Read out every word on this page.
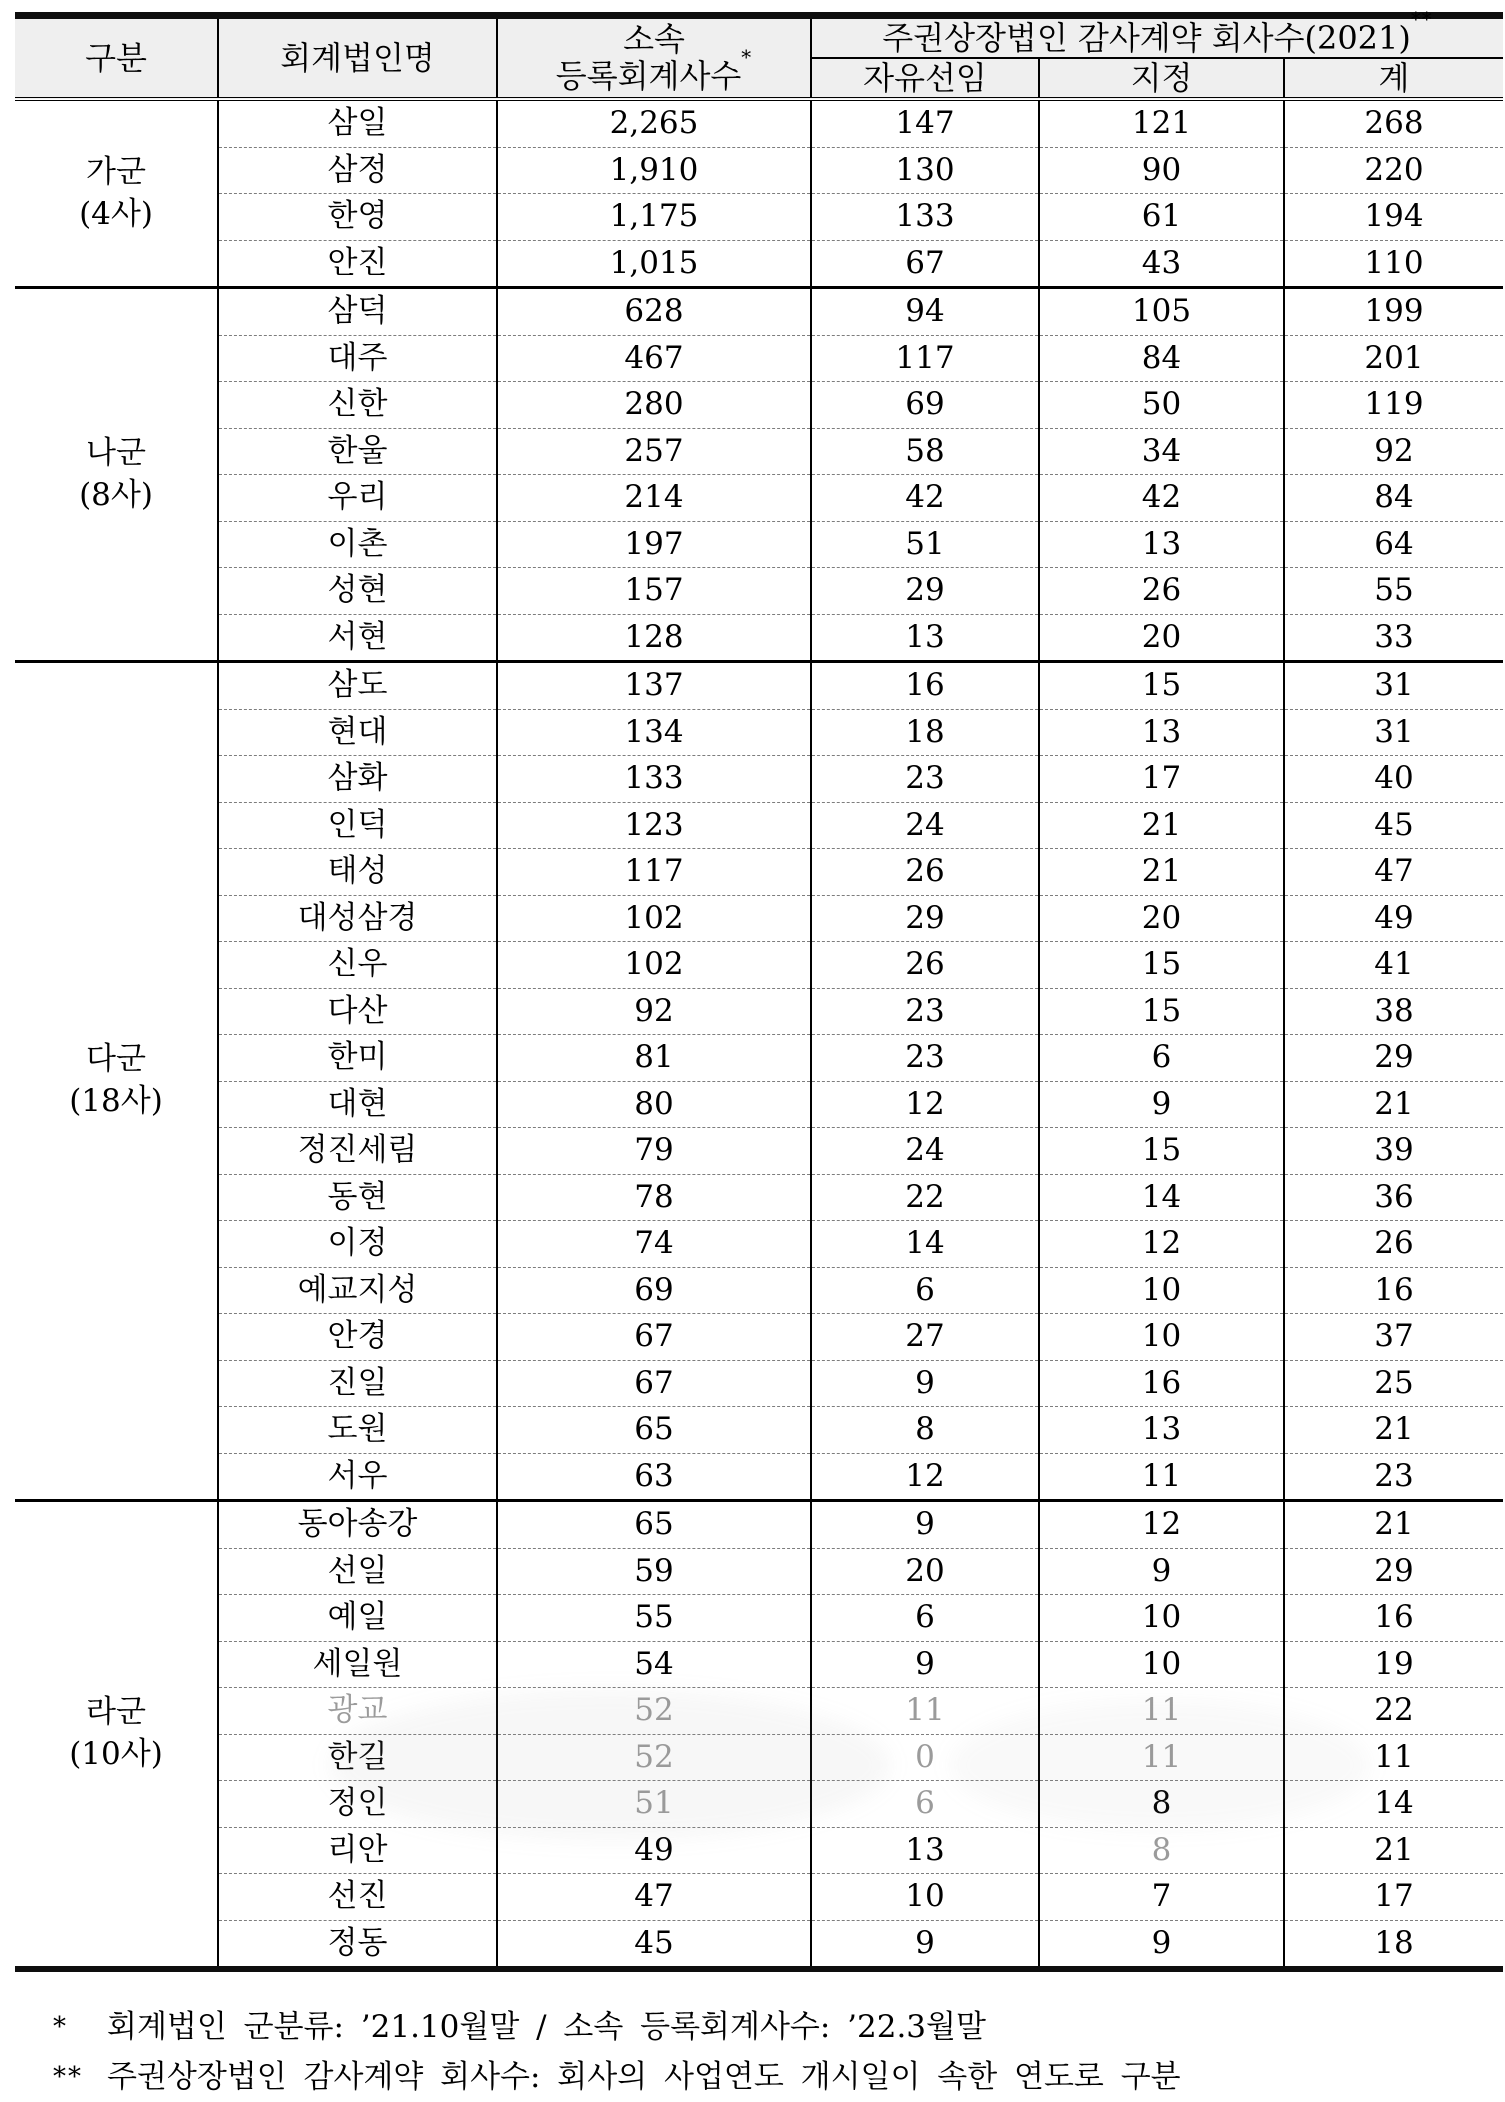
구분	회계법인명	소속
등록회계사수*	주권상장법인 감사계약 회사수(2021)**
			자유선임	지정	계

가군
(4사)	삼일	2,265	147	121	268
	삼정	1,910	130	90	220
	한영	1,175	133	61	194
	안진	1,015	67	43	110

나군
(8사)	삼덕	628	94	105	199
	대주	467	117	84	201
	신한	280	69	50	119
	한울	257	58	34	92
	우리	214	42	42	84
	이촌	197	51	13	64
	성현	157	29	26	55
	서현	128	13	20	33

다군
(18사)	삼도	137	16	15	31
	현대	134	18	13	31
	삼화	133	23	17	40
	인덕	123	24	21	45
	태성	117	26	21	47
	대성삼경	102	29	20	49
	신우	102	26	15	41
	다산	92	23	15	38
	한미	81	23	6	29
	대현	80	12	9	21
	정진세림	79	24	15	39
	동현	78	22	14	36
	이정	74	14	12	26
	예교지성	69	6	10	16
	안경	67	27	10	37
	진일	67	9	16	25
	도원	65	8	13	21
	서우	63	12	11	23

라군
(10사)	동아송강	65	9	12	21
	선일	59	20	9	29
	예일	55	6	10	16
	세일원	54	9	10	19
	광교	52	11	11	22
	한길	52	0	11	11
	정인	51	6	8	14
	리안	49	13	8	21
	선진	47	10	7	17
	정동	45	9	9	18
* 회계법인 군분류: ’21.10월말 / 소속 등록회계사수: ’22.3월말
** 주권상장법인 감사계약 회사수: 회사의 사업연도 개시일이 속한 연도로 구분
